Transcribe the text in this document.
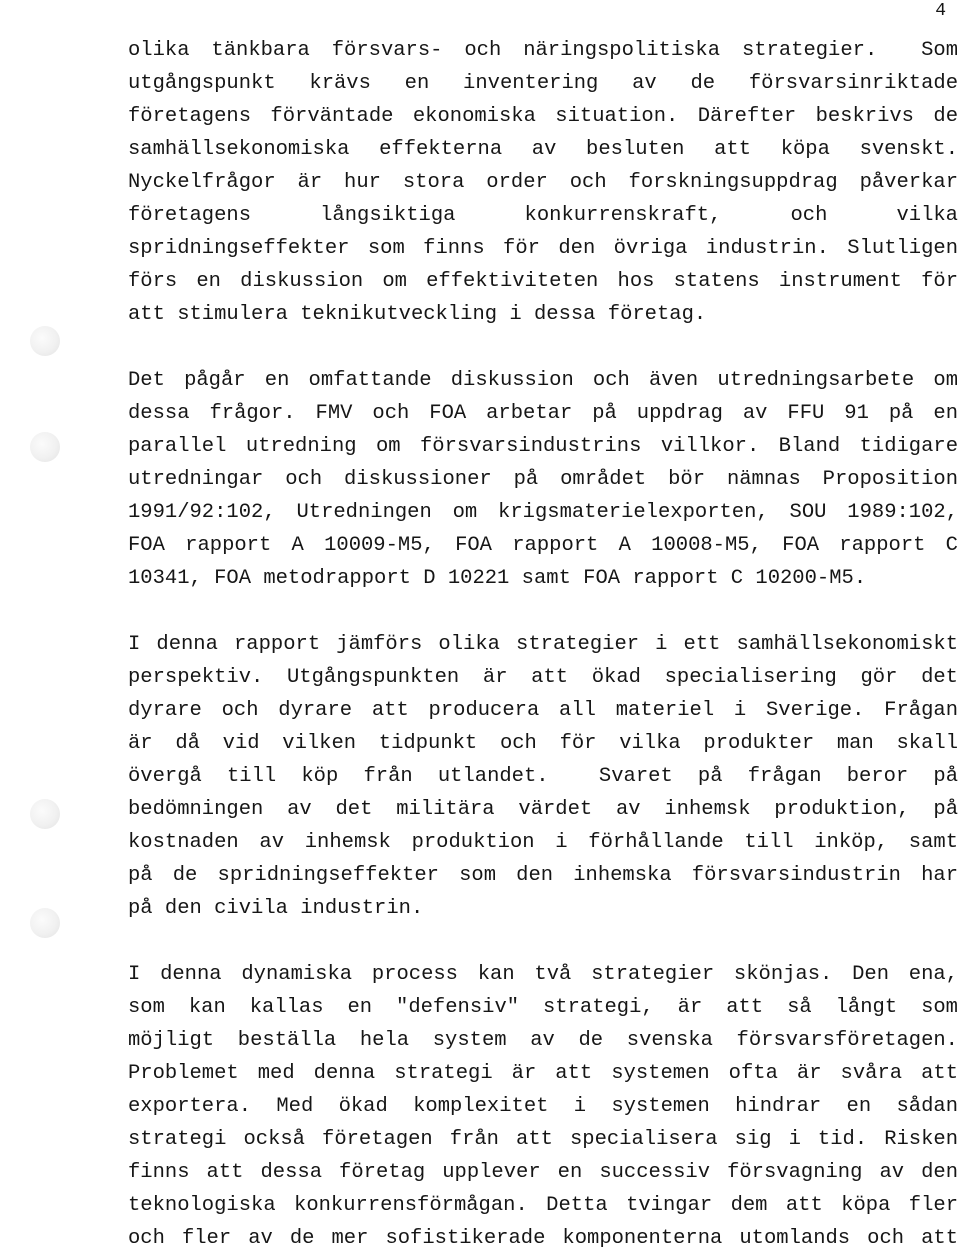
4
olika tänkbara försvars- och näringspolitiska strategier.  Som
utgångspunkt krävs en inventering av de försvarsinriktade
företagens förväntade ekonomiska situation. Därefter beskrivs de
samhällsekonomiska effekterna av besluten att köpa svenskt.
Nyckelfrågor är hur stora order och forskningsuppdrag påverkar
företagens långsiktiga konkurrenskraft, och vilka
spridningseffekter som finns för den övriga industrin. Slutligen
förs en diskussion om effektiviteten hos statens instrument för
att stimulera teknikutveckling i dessa företag.
Det pågår en omfattande diskussion och även utredningsarbete om
dessa frågor. FMV och FOA arbetar på uppdrag av FFU 91 på en
parallel utredning om försvarsindustrins villkor. Bland tidigare
utredningar och diskussioner på området bör nämnas Proposition
1991/92:102, Utredningen om krigsmaterielexporten, SOU 1989:102,
FOA rapport A 10009-M5, FOA rapport A 10008-M5, FOA rapport C
10341, FOA metodrapport D 10221 samt FOA rapport C 10200-M5.
I denna rapport jämförs olika strategier i ett samhällsekonomiskt
perspektiv. Utgångspunkten är att ökad specialisering gör det
dyrare och dyrare att producera all materiel i Sverige. Frågan
är då vid vilken tidpunkt och för vilka produkter man skall
övergå till köp från utlandet.  Svaret på frågan beror på
bedömningen av det militära värdet av inhemsk produktion, på
kostnaden av inhemsk produktion i förhållande till inköp, samt
på de spridningseffekter som den inhemska försvarsindustrin har
på den civila industrin.
I denna dynamiska process kan två strategier skönjas. Den ena,
som kan kallas en "defensiv" strategi, är att så långt som
möjligt beställa hela system av de svenska försvarsföretagen.
Problemet med denna strategi är att systemen ofta är svåra att
exportera. Med ökad komplexitet i systemen hindrar en sådan
strategi också företagen från att specialisera sig i tid. Risken
finns att dessa företag upplever en successiv försvagning av den
teknologiska konkurrensförmågan. Detta tvingar dem att köpa fler
och fler av de mer sofistikerade komponenterna utomlands och att
